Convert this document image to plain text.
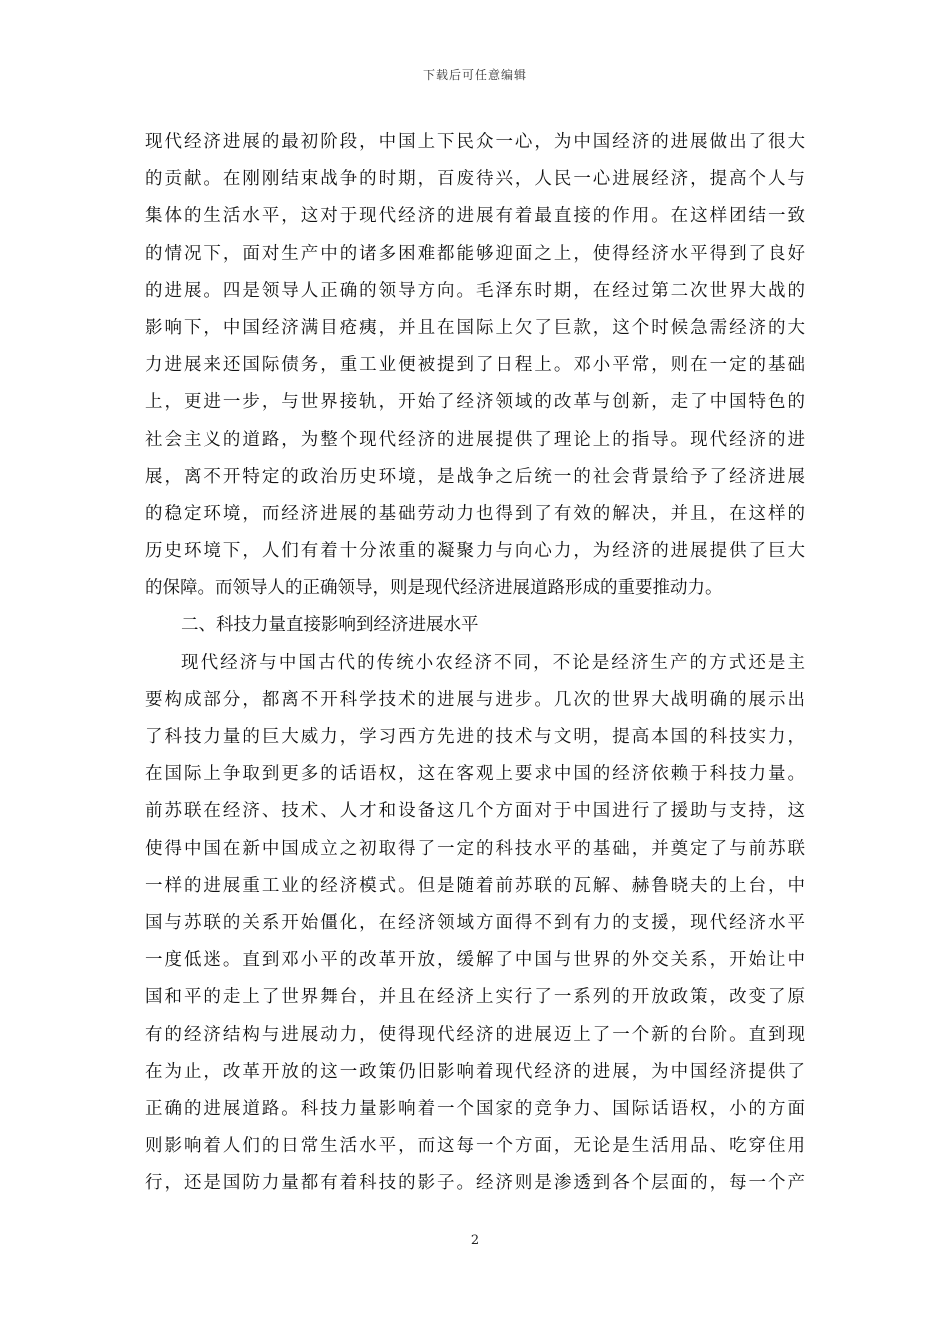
下载后可任意编辑
现代经济进展的最初阶段，中国上下民众一心，为中国经济的进展做出了很大
的贡献。在刚刚结束战争的时期，百废待兴，人民一心进展经济，提高个人与
集体的生活水平，这对于现代经济的进展有着最直接的作用。在这样团结一致
的情况下，面对生产中的诸多困难都能够迎面之上，使得经济水平得到了良好
的进展。四是领导人正确的领导方向。毛泽东时期，在经过第二次世界大战的
影响下，中国经济满目疮痍，并且在国际上欠了巨款，这个时候急需经济的大
力进展来还国际债务，重工业便被提到了日程上。邓小平常，则在一定的基础
上，更进一步，与世界接轨，开始了经济领域的改革与创新，走了中国特色的
社会主义的道路，为整个现代经济的进展提供了理论上的指导。现代经济的进
展，离不开特定的政治历史环境，是战争之后统一的社会背景给予了经济进展
的稳定环境，而经济进展的基础劳动力也得到了有效的解决，并且，在这样的
历史环境下，人们有着十分浓重的凝聚力与向心力，为经济的进展提供了巨大
的保障。而领导人的正确领导，则是现代经济进展道路形成的重要推动力。
二、科技力量直接影响到经济进展水平
现代经济与中国古代的传统小农经济不同，不论是经济生产的方式还是主
要构成部分，都离不开科学技术的进展与进步。几次的世界大战明确的展示出
了科技力量的巨大威力，学习西方先进的技术与文明，提高本国的科技实力，
在国际上争取到更多的话语权，这在客观上要求中国的经济依赖于科技力量。
前苏联在经济、技术、人才和设备这几个方面对于中国进行了援助与支持，这
使得中国在新中国成立之初取得了一定的科技水平的基础，并奠定了与前苏联
一样的进展重工业的经济模式。但是随着前苏联的瓦解、赫鲁晓夫的上台，中
国与苏联的关系开始僵化，在经济领域方面得不到有力的支援，现代经济水平
一度低迷。直到邓小平的改革开放，缓解了中国与世界的外交关系，开始让中
国和平的走上了世界舞台，并且在经济上实行了一系列的开放政策，改变了原
有的经济结构与进展动力，使得现代经济的进展迈上了一个新的台阶。直到现
在为止，改革开放的这一政策仍旧影响着现代经济的进展，为中国经济提供了
正确的进展道路。科技力量影响着一个国家的竞争力、国际话语权，小的方面
则影响着人们的日常生活水平，而这每一个方面，无论是生活用品、吃穿住用
行，还是国防力量都有着科技的影子。经济则是渗透到各个层面的，每一个产
2
